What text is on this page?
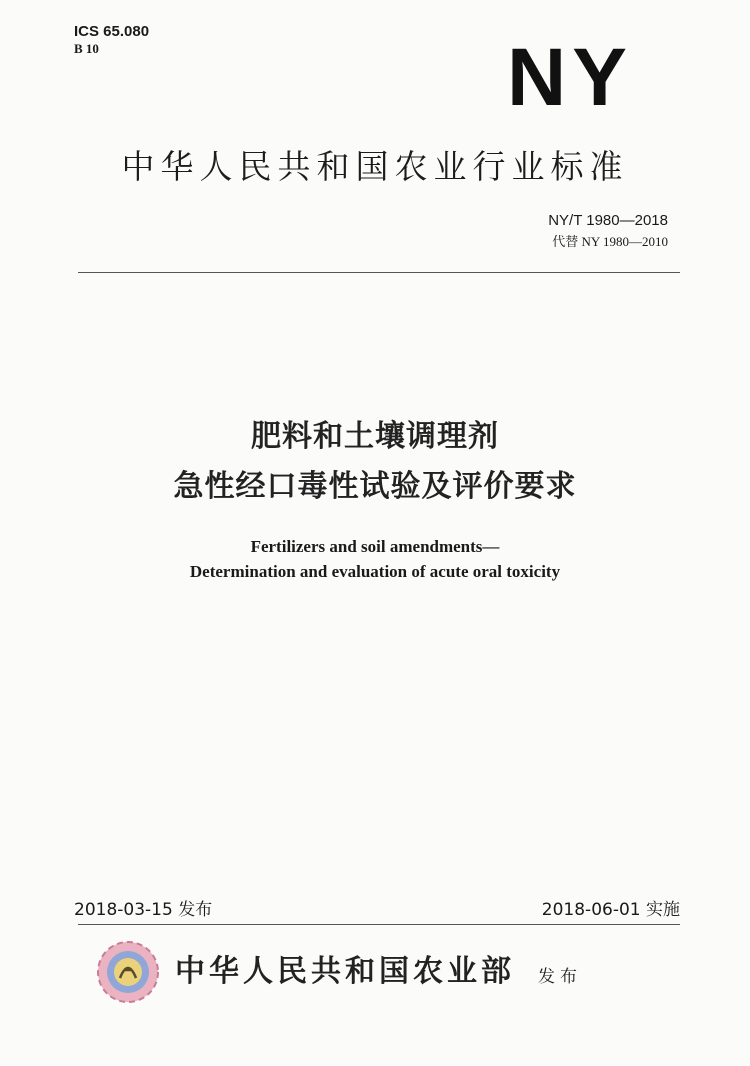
ICS 65.080
B 10	NY
中华人民共和国农业行业标准
NY/T 1980—2018
代替 NY 1980—2010
肥料和土壤调理剂
急性经口毒性试验及评价要求
Fertilizers and soil amendments—
Determination and evaluation of acute oral toxicity
2018-03-15 发布	2018-06-01 实施
中华人民共和国农业部 发布
